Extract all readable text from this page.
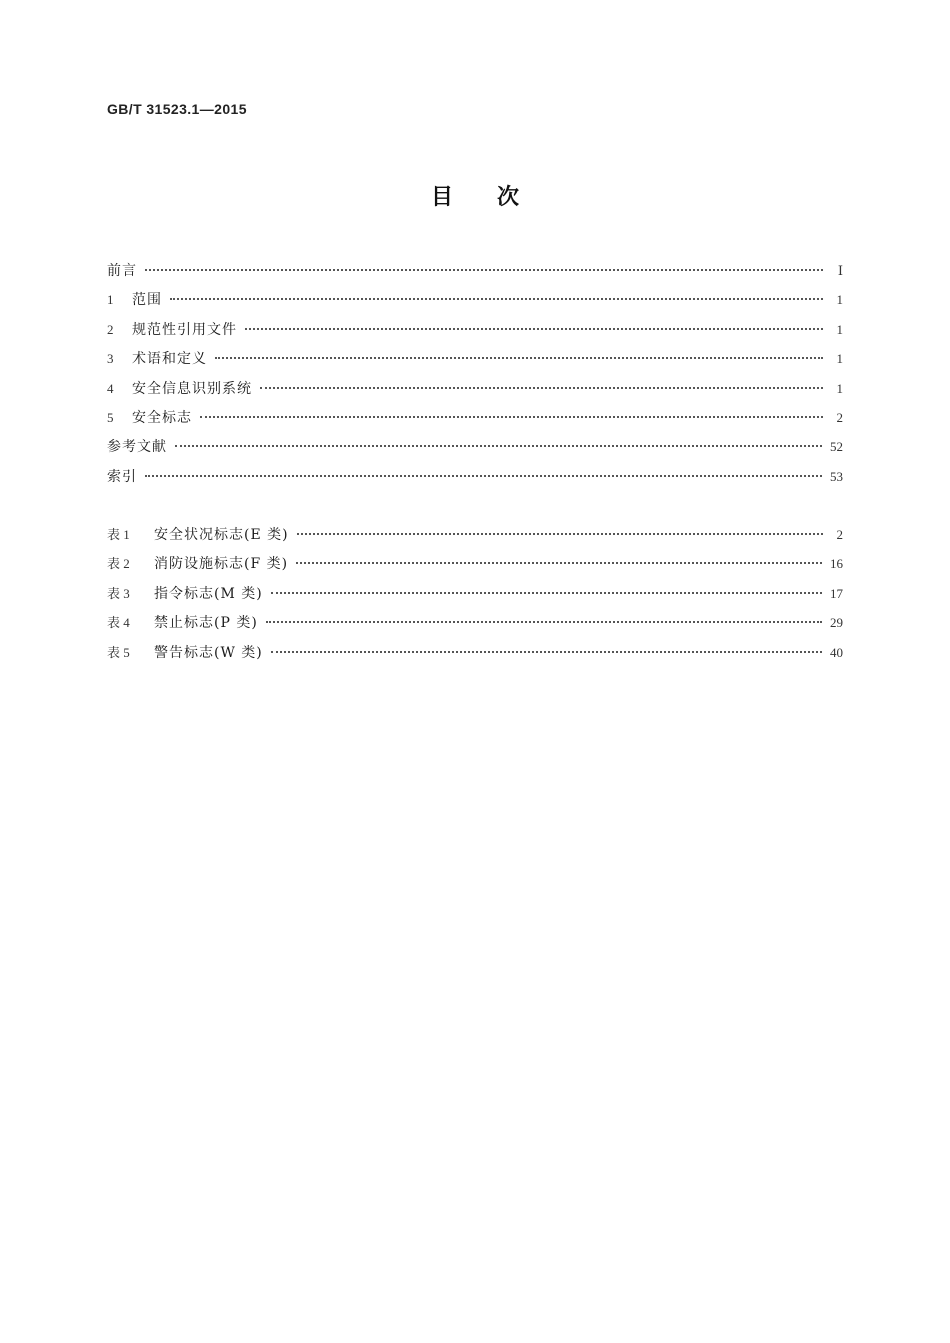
GB/T 31523.1—2015
目次
前言	Ⅰ
1	范围	1
2	规范性引用文件	1
3	术语和定义	1
4	安全信息识别系统	1
5	安全标志	2
参考文献	52
索引	53
表 1	安全状况标志(E 类)	2
表 2	消防设施标志(F 类)	16
表 3	指令标志(M 类)	17
表 4	禁止标志(P 类)	29
表 5	警告标志(W 类)	40
